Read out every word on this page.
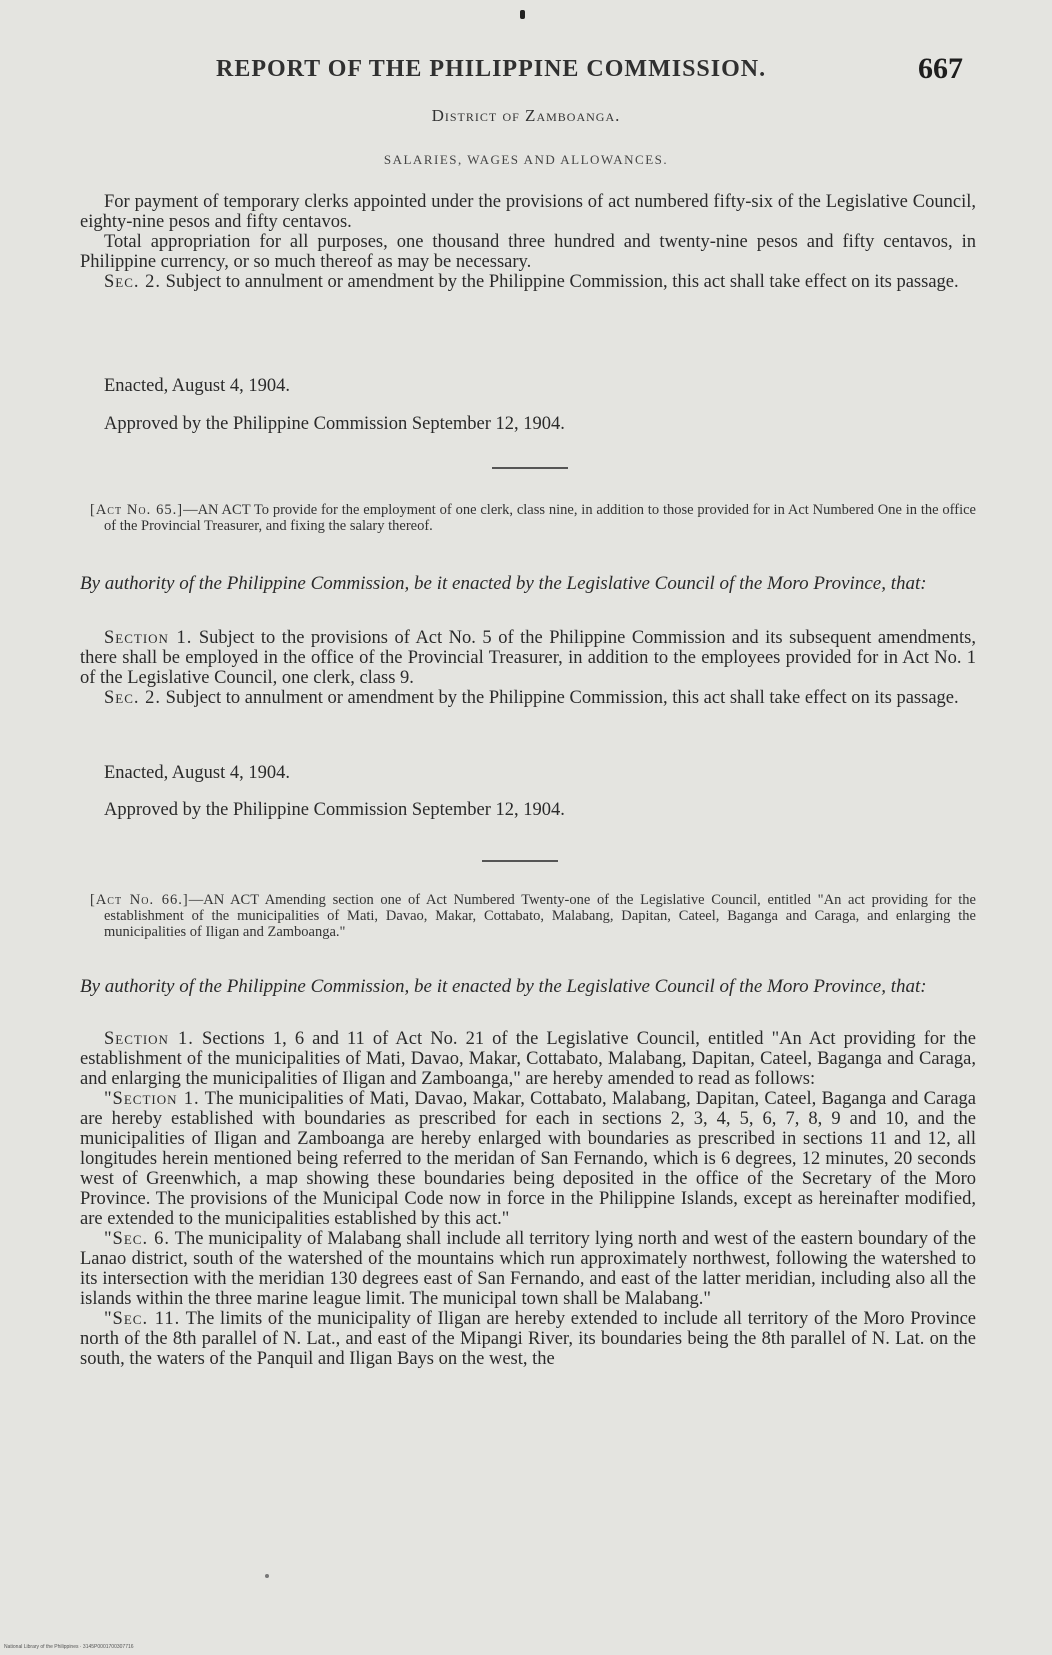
REPORT OF THE PHILIPPINE COMMISSION.	667
District of Zamboanga.
SALARIES, WAGES AND ALLOWANCES.

For payment of temporary clerks appointed under the provisions of act numbered fifty-six of the Legislative Council, eighty-nine pesos and fifty centavos.

Total appropriation for all purposes, one thousand three hundred and twenty-nine pesos and fifty centavos, in Philippine currency, or so much thereof as may be necessary.

Sec. 2. Subject to annulment or amendment by the Philippine Commission, this act shall take effect on its passage.

Enacted, August 4, 1904.
Approved by the Philippine Commission September 12, 1904.

[Act No. 65.]—AN ACT To provide for the employment of one clerk, class nine, in addition to those provided for in Act Numbered One in the office of the Provincial Treasurer, and fixing the salary thereof.

By authority of the Philippine Commission, be it enacted by the Legislative Council of the Moro Province, that:

Section 1. Subject to the provisions of Act No. 5 of the Philippine Commission and its subsequent amendments, there shall be employed in the office of the Provincial Treasurer, in addition to the employees provided for in Act No. 1 of the Legislative Council, one clerk, class 9.

Sec. 2. Subject to annulment or amendment by the Philippine Commission, this act shall take effect on its passage.

Enacted, August 4, 1904.
Approved by the Philippine Commission September 12, 1904.

[Act No. 66.]—AN ACT Amending section one of Act Numbered Twenty-one of the Legislative Council, entitled "An act providing for the establishment of the municipalities of Mati, Davao, Makar, Cottabato, Malabang, Dapitan, Cateel, Baganga and Caraga, and enlarging the municipalities of Iligan and Zamboanga."

By authority of the Philippine Commission, be it enacted by the Legislative Council of the Moro Province, that:

Section 1. Sections 1, 6 and 11 of Act No. 21 of the Legislative Council, entitled "An Act providing for the establishment of the municipalities of Mati, Davao, Makar, Cottabato, Malabang, Dapitan, Cateel, Baganga and Caraga, and enlarging the municipalities of Iligan and Zamboanga," are hereby amended to read as follows:

"Section 1. The municipalities of Mati, Davao, Makar, Cottabato, Malabang, Dapitan, Cateel, Baganga and Caraga are hereby established with boundaries as prescribed for each in sections 2, 3, 4, 5, 6, 7, 8, 9 and 10, and the municipalities of Iligan and Zamboanga are hereby enlarged with boundaries as prescribed in sections 11 and 12, all longitudes herein mentioned being referred to the meridan of San Fernando, which is 6 degrees, 12 minutes, 20 seconds west of Greenwhich, a map showing these boundaries being deposited in the office of the Secretary of the Moro Province. The provisions of the Municipal Code now in force in the Philippine Islands, except as hereinafter modified, are extended to the municipalities established by this act."

"Sec. 6. The municipality of Malabang shall include all territory lying north and west of the eastern boundary of the Lanao district, south of the watershed of the mountains which run approximately northwest, following the watershed to its intersection with the meridian 130 degrees east of San Fernando, and east of the latter meridian, including also all the islands within the three marine league limit. The municipal town shall be Malabang."

"Sec. 11. The limits of the municipality of Iligan are hereby extended to include all territory of the Moro Province north of the 8th parallel of N. Lat., and east of the Mipangi River, its boundaries being the 8th parallel of N. Lat. on the south, the waters of the Panquil and Iligan Bays on the west, the

National Library of the Philippines · 3145P0001700307716
